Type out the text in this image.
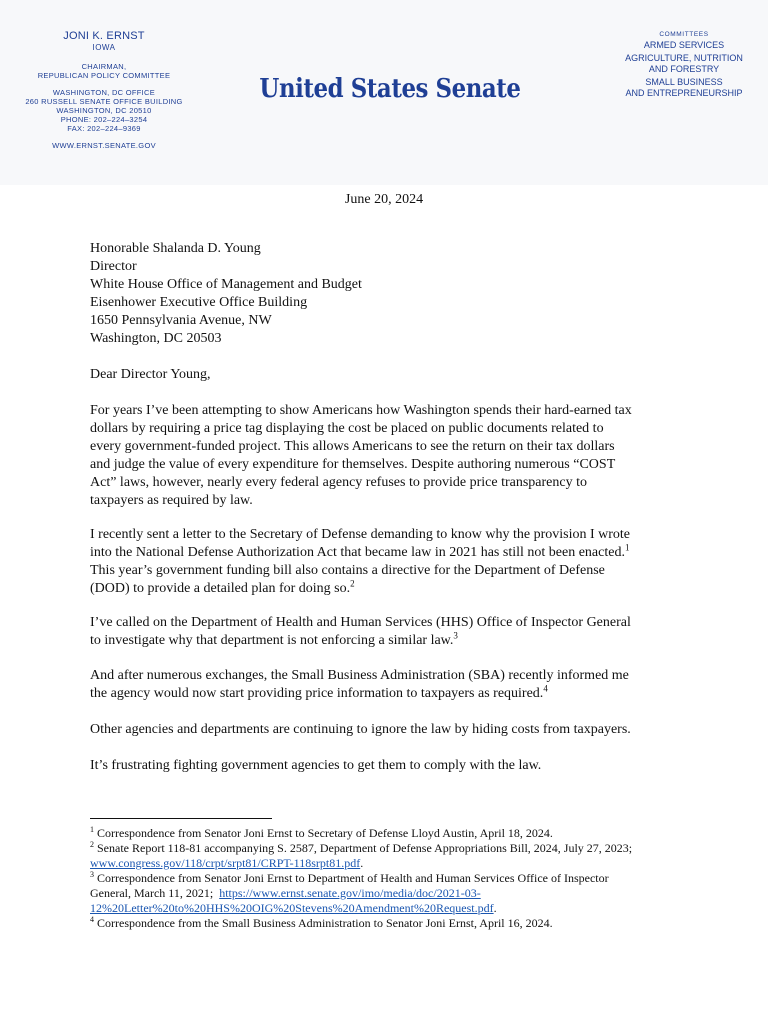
JONI K. ERNST
IOWA
CHAIRMAN,
REPUBLICAN POLICY COMMITTEE
WASHINGTON, DC OFFICE
260 RUSSELL SENATE OFFICE BUILDING
WASHINGTON, DC 20510
PHONE: 202–224–3254
FAX: 202–224–9369
WWW.ERNST.SENATE.GOV
United States Senate
COMMITTEES
ARMED SERVICES
AGRICULTURE, NUTRITION
AND FORESTRY
SMALL BUSINESS
AND ENTREPRENEURSHIP
June 20, 2024
Honorable Shalanda D. Young
Director
White House Office of Management and Budget
Eisenhower Executive Office Building
1650 Pennsylvania Avenue, NW
Washington, DC 20503
Dear Director Young,
For years I’ve been attempting to show Americans how Washington spends their hard-earned tax
dollars by requiring a price tag displaying the cost be placed on public documents related to
every government-funded project. This allows Americans to see the return on their tax dollars
and judge the value of every expenditure for themselves. Despite authoring numerous “COST
Act” laws, however, nearly every federal agency refuses to provide price transparency to
taxpayers as required by law.
I recently sent a letter to the Secretary of Defense demanding to know why the provision I wrote
into the National Defense Authorization Act that became law in 2021 has still not been enacted.$^1$
This year’s government funding bill also contains a directive for the Department of Defense
(DOD) to provide a detailed plan for doing so.$^2$
I’ve called on the Department of Health and Human Services (HHS) Office of Inspector General
to investigate why that department is not enforcing a similar law.$^3$
And after numerous exchanges, the Small Business Administration (SBA) recently informed me
the agency would now start providing price information to taxpayers as required.$^4$
Other agencies and departments are continuing to ignore the law by hiding costs from taxpayers.
It’s frustrating fighting government agencies to get them to comply with the law.
$^1$ Correspondence from Senator Joni Ernst to Secretary of Defense Lloyd Austin, April 18, 2024.
$^2$ Senate Report 118-81 accompanying S. 2587, Department of Defense Appropriations Bill, 2024, July 27, 2023;
www.congress.gov/118/crpt/srpt81/CRPT-118srpt81.pdf.
$^3$ Correspondence from Senator Joni Ernst to Department of Health and Human Services Office of Inspector
General, March 11, 2021;  https://www.ernst.senate.gov/imo/media/doc/2021-03-
12%20Letter%20to%20HHS%20OIG%20Stevens%20Amendment%20Request.pdf.
$^4$ Correspondence from the Small Business Administration to Senator Joni Ernst, April 16, 2024.
